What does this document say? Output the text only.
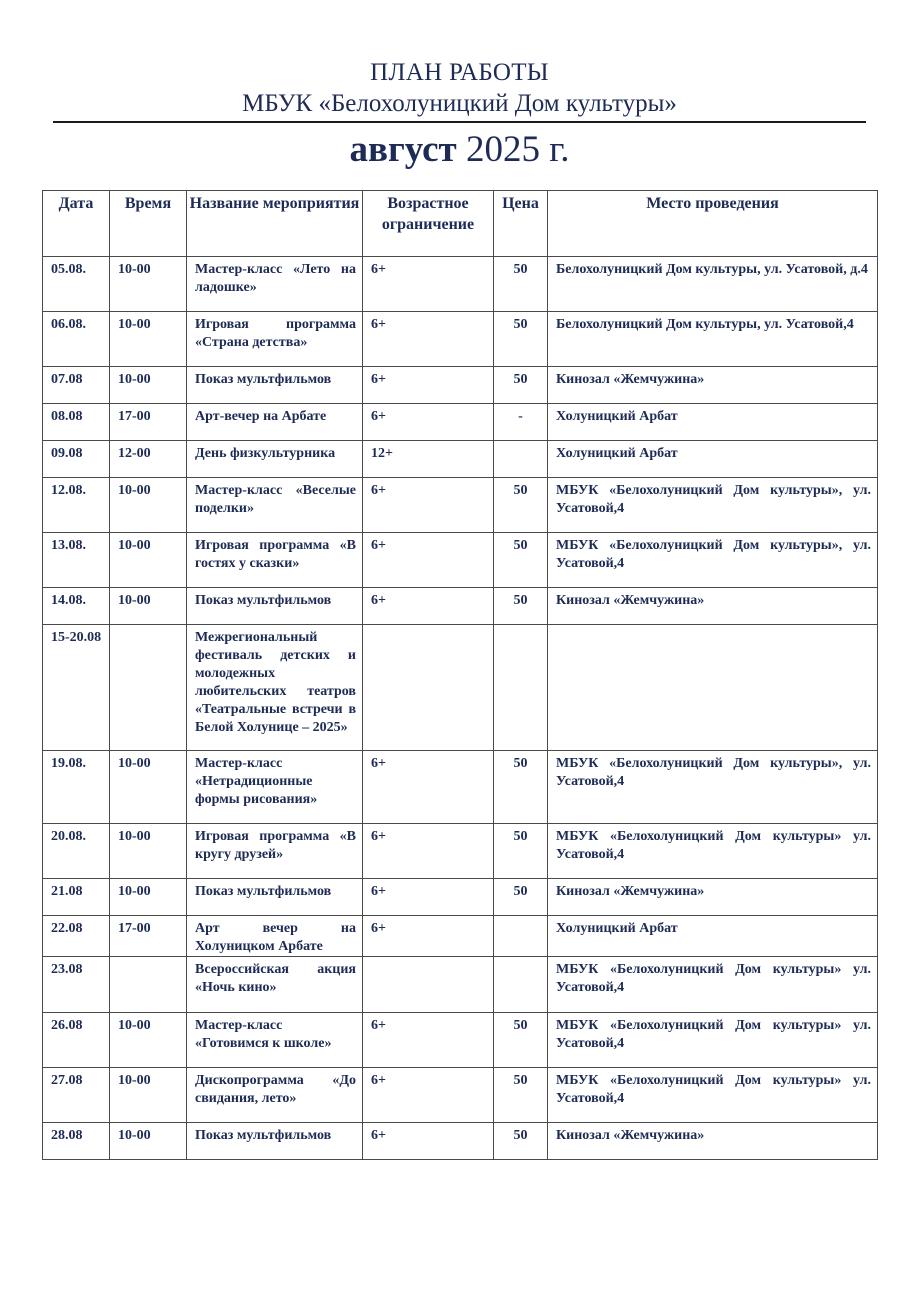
ПЛАН РАБОТЫ
МБУК «Белохолуницкий Дом культуры»
август 2025 г.
Дата	Время	Название мероприятия	Возрастное ограничение	Цена	Место проведения
05.08.	10-00	Мастер-класс «Лето на ладошке»	6+	50	Белохолуницкий Дом культуры, ул. Усатовой, д.4
06.08.	10-00	Игровая программа «Страна детства»	6+	50	Белохолуницкий Дом культуры, ул. Усатовой,4
07.08	10-00	Показ мультфильмов	6+	50	Кинозал «Жемчужина»
08.08	17-00	Арт-вечер на Арбате	6+	-	Холуницкий Арбат
09.08	12-00	День физкультурника	12+		Холуницкий Арбат
12.08.	10-00	Мастер-класс «Веселые поделки»	6+	50	МБУК «Белохолуницкий Дом культуры», ул. Усатовой,4
13.08.	10-00	Игровая программа «В гостях у сказки»	6+	50	МБУК «Белохолуницкий Дом культуры», ул. Усатовой,4
14.08.	10-00	Показ мультфильмов	6+	50	Кинозал «Жемчужина»
15-20.08		Межрегиональный фестиваль детских и молодежных любительских театров «Театральные встречи в Белой Холунице – 2025»			
19.08.	10-00	Мастер-класс «Нетрадиционные формы рисования»	6+	50	МБУК «Белохолуницкий Дом культуры», ул. Усатовой,4
20.08.	10-00	Игровая программа «В кругу друзей»	6+	50	МБУК «Белохолуницкий Дом культуры» ул. Усатовой,4
21.08	10-00	Показ мультфильмов	6+	50	Кинозал «Жемчужина»
22.08	17-00	Арт вечер на Холуницком Арбате	6+		Холуницкий Арбат
23.08		Всероссийская акция «Ночь кино»			МБУК «Белохолуницкий Дом культуры» ул. Усатовой,4
26.08	10-00	Мастер-класс «Готовимся к школе»	6+	50	МБУК «Белохолуницкий Дом культуры» ул. Усатовой,4
27.08	10-00	Дископрограмма «До свидания, лето»	6+	50	МБУК «Белохолуницкий Дом культуры» ул. Усатовой,4
28.08	10-00	Показ мультфильмов	6+	50	Кинозал «Жемчужина»
